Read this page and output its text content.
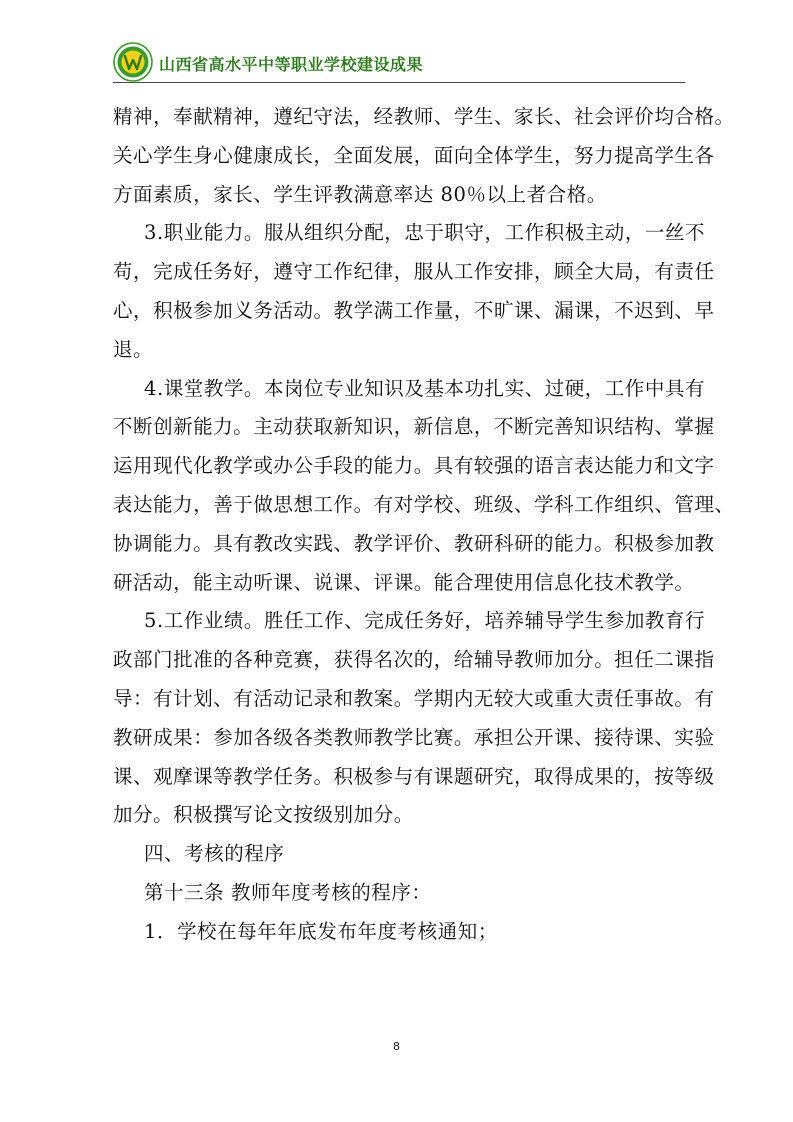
山西省高水平中等职业学校建设成果

精神，奉献精神，遵纪守法，经教师、学生、家长、社会评价均合格。
关心学生身心健康成长，全面发展，面向全体学生，努力提高学生各
方面素质，家长、学生评教满意率达 80％以上者合格。

3.职业能力。服从组织分配，忠于职守，工作积极主动，一丝不
苟，完成任务好，遵守工作纪律，服从工作安排，顾全大局，有责任
心，积极参加义务活动。教学满工作量，不旷课、漏课，不迟到、早
退。

4.课堂教学。本岗位专业知识及基本功扎实、过硬，工作中具有
不断创新能力。主动获取新知识，新信息，不断完善知识结构、掌握
运用现代化教学或办公手段的能力。具有较强的语言表达能力和文字
表达能力，善于做思想工作。有对学校、班级、学科工作组织、管理、
协调能力。具有教改实践、教学评价、教研科研的能力。积极参加教
研活动，能主动听课、说课、评课。能合理使用信息化技术教学。

5.工作业绩。胜任工作、完成任务好，培养辅导学生参加教育行
政部门批准的各种竞赛，获得名次的，给辅导教师加分。担任二课指
导：有计划、有活动记录和教案。学期内无较大或重大责任事故。有
教研成果：参加各级各类教师教学比赛。承担公开课、接待课、实验
课、观摩课等教学任务。积极参与有课题研究，取得成果的，按等级
加分。积极撰写论文按级别加分。

四、考核的程序

第十三条 教师年度考核的程序：

1．学校在每年年底发布年度考核通知；

8
